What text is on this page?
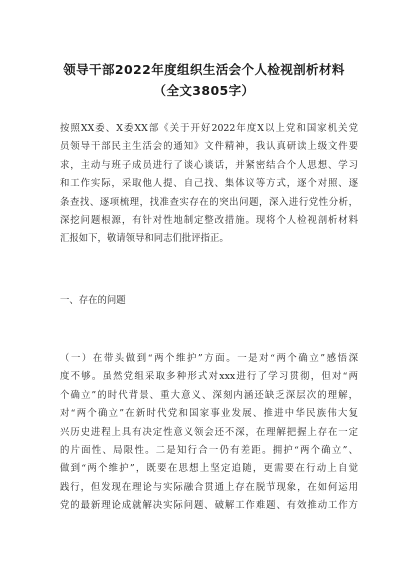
领导干部2022年度组织生活会个人检视剖析材料
（全文3805字）
按照XX委、X委XX部《关于开好2022年度X以上党和国家机关党
员领导干部民主生活会的通知》文件精神，我认真研读上级文件要
求，主动与班子成员进行了谈心谈话，并紧密结合个人思想、学习
和工作实际，采取他人提、自己找、集体议等方式，逐个对照、逐
条查找、逐项梳理，找准查实存在的突出问题，深入进行党性分析，
深挖问题根源，有针对性地制定整改措施。现将个人检视剖析材料
汇报如下，敬请领导和同志们批评指正。
一、存在的问题
（一）在带头做到“两个维护”方面。一是对“两个确立”感悟深
度不够。虽然党组采取多种形式对xxx进行了学习贯彻，但对“两
个确立”的时代背景、重大意义、深刻内涵还缺乏深层次的理解，
对“两个确立”在新时代党和国家事业发展、推进中华民族伟大复
兴历史进程上具有决定性意义领会还不深，在理解把握上存在一定
的片面性、局限性。二是知行合一仍有差距。拥护“两个确立”、
做到“两个维护”，既要在思想上坚定追随，更需要在行动上自觉
践行，但发现在理论与实际融合贯通上存在脱节现象，在如何运用
党的最新理论成就解决实际问题、破解工作难题、有效推动工作方
